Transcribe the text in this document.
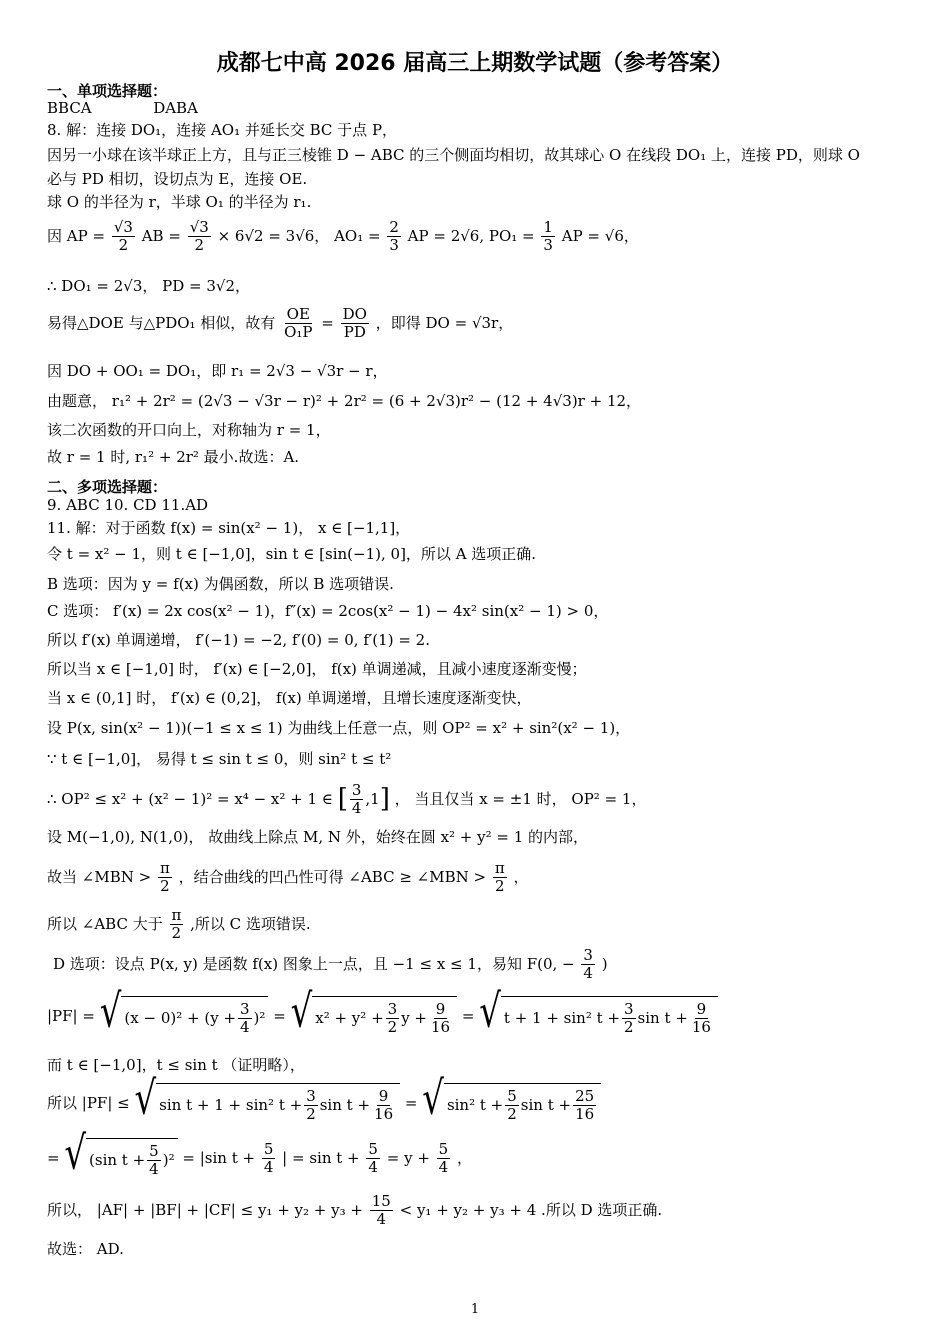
成都七中高 2026 届高三上期数学试题（参考答案）
一、单项选择题：
BBCA	DABA
8. 解：连接 DO₁，连接 AO₁ 并延长交 BC 于点 P，
因另一小球在该半球正上方，且与正三棱锥 D − ABC 的三个侧面均相切，故其球心 O 在线段 DO₁ 上，连接 PD，则球 O
必与 PD 相切，设切点为 E，连接 OE.
球 O 的半径为 r，半球 O₁ 的半径为 r₁.
因 AP = $\frac{√3}{2}$ AB = $\frac{√3}{2} \times 6√2 = 3√6$， $AO_1 = \frac{2}{3}$ AP = 2√6, $PO_1 = \frac{1}{3}$ AP = √6，
∴ DO₁ = 2√3， PD = 3√2，
易得△DOE 与△PDO₁ 相似，故有 $\frac{OE}{\text{O₁P}} = \frac{DO}{PD}$ ，即得 DO = √3r，
因 DO + OO₁ = DO₁，即 r₁ = 2√3 − √3r − r，
由题意， r₁² + 2r² = (2√3 − √3r − r)² + 2r² = (6 + 2√3)r² − (12 + 4√3)r + 12，
该二次函数的开口向上，对称轴为 r = 1，
故 r = 1 时, r₁² + 2r² 最小.故选：A.
二、多项选择题：
9. ABC 10. CD 11.AD
11. 解：对于函数 f(x) = sin(x² − 1)， x ∈ [−1,1]，
令 t = x² − 1，则 t ∈ [−1,0]，sin t ∈ [sin(−1), 0]，所以 A 选项正确.
B 选项：因为 y = f(x) 为偶函数，所以 B 选项错误.
C 选项： f′(x) = 2x cos(x² − 1)，f″(x) = 2cos(x² − 1) − 4x² sin(x² − 1) > 0，
所以 f′(x) 单调递增， f′(−1) = −2, f′(0) = 0, f′(1) = 2.
所以当 x ∈ [−1,0] 时， f′(x) ∈ [−2,0]， f(x) 单调递减，且减小速度逐渐变慢；
当 x ∈ (0,1] 时， f′(x) ∈ (0,2]， f(x) 单调递增，且增长速度逐渐变快，
设 P(x, sin(x² − 1))(−1 ≤ x ≤ 1) 为曲线上任意一点，则 OP² = x² + sin²(x² − 1)，
∵ t ∈ [−1,0]， 易得 t ≤ sin t ≤ 0，则 sin² t ≤ t²
∴ OP² ≤ x² + (x² − 1)² = x⁴ − x² + 1 ∈ [ $\frac{3}{4} ,1$] ， 当且仅当 x = ±1 时， OP² = 1，
设 M(−1,0), N(1,0)， 故曲线上除点 M, N 外，始终在圆 x² + y² = 1 的内部，
故当 ∠MBN > $\frac{\pi}{2}$ ，结合曲线的凹凸性可得 ∠ABC ≥ ∠MBN > $\frac{\pi}{2}$ ，
所以 ∠ABC 大于 $\frac{\pi}{2}$ ,所以 C 选项错误.
D 选项：设点 P(x, y) 是函数 f(x) 图象上一点，且 −1 ≤ x ≤ 1，易知 F(0, − $\frac{3}{4}$ )
|PF| = √ $(x - 0)^2 + (y + \frac{3}{4} )^2$ = √ $x^2 + y^2 + \frac{3}{2}$ $y + \frac{9}{16}$ = √ t + 1 + sin² $t + \frac{3}{2}$ $\sin t + \frac{9}{16}$
而 t ∈ [−1,0]，t ≤ sin t （证明略），
所以 |PF| ≤ √ sin t + 1 + sin² $t + \frac{3}{2}$ $\sin t + \frac{9}{16}$ = √ sin² $t + \frac{5}{2}$ $\sin t + \frac{25}{16}$
= √ (sin $t + \frac{5}{4} )^2 = |\sin$ $t + \frac{5}{4}$ | = $\sin t + \frac{5}{4} = y + \frac{5}{4}$ ，
所以， $|AF| + |BF| + |CF| \le y_1 + y_2 + y_3 + \frac{15}{4} < y_1 + y_2 + y_3 + 4$ .所以 D 选项正确.
故选： AD.
1
